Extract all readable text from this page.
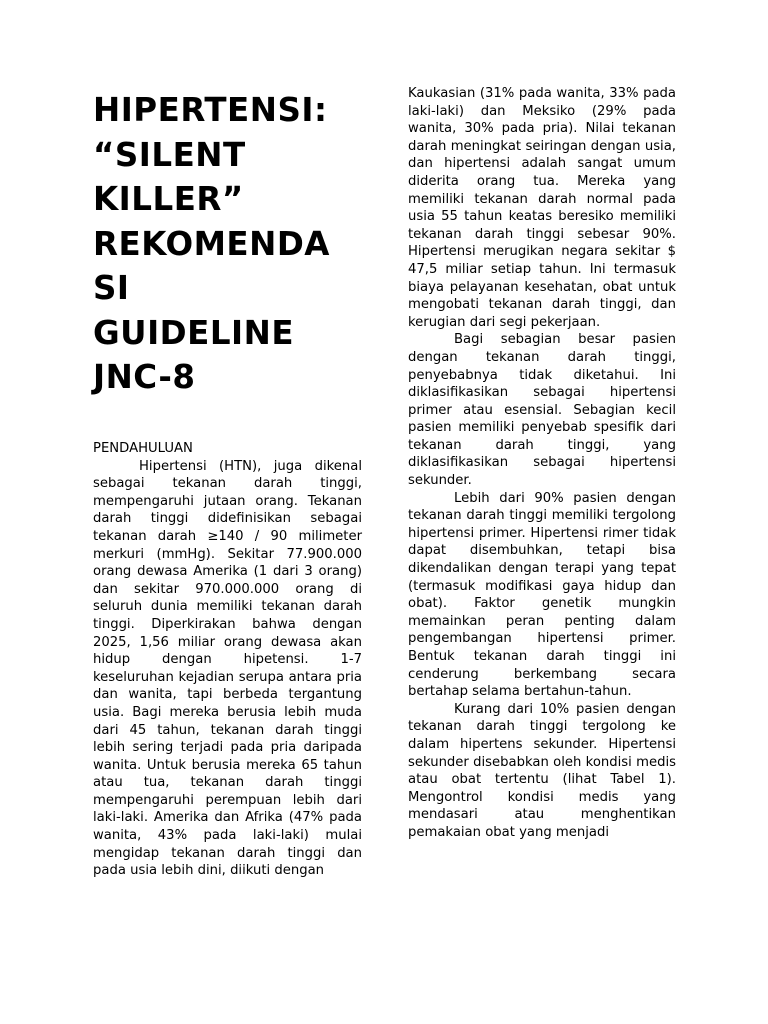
HIPERTENSI:
“SILENT
KILLER”
REKOMENDA
SI
GUIDELINE
JNC-8
PENDAHULUAN

Hipertensi (HTN), juga dikenal sebagai tekanan darah tinggi, mempengaruhi jutaan orang. Tekanan darah tinggi didefinisikan sebagai tekanan darah ≥140 / 90 milimeter merkuri (mmHg). Sekitar 77.900.000 orang dewasa Amerika (1 dari 3 orang) dan sekitar 970.000.000 orang di seluruh dunia memiliki tekanan darah tinggi. Diperkirakan bahwa dengan 2025, 1,56 miliar orang dewasa akan hidup dengan hipetensi. 1-7 keseluruhan kejadian serupa antara pria dan wanita, tapi berbeda tergantung usia. Bagi mereka berusia lebih muda dari 45 tahun, tekanan darah tinggi lebih sering terjadi pada pria daripada wanita. Untuk berusia mereka 65 tahun atau tua, tekanan darah tinggi mempengaruhi perempuan lebih dari laki-laki. Amerika dan Afrika (47% pada wanita, 43% pada laki-laki) mulai mengidap tekanan darah tinggi dan pada usia lebih dini, diikuti dengan

Kaukasian (31% pada wanita, 33% pada laki-laki) dan Meksiko (29% pada wanita, 30% pada pria). Nilai tekanan darah meningkat seiringan dengan usia, dan hipertensi adalah sangat umum diderita orang tua. Mereka yang memiliki tekanan darah normal pada usia 55 tahun keatas beresiko memiliki tekanan darah tinggi sebesar 90%. Hipertensi merugikan negara sekitar $ 47,5 miliar setiap tahun. Ini termasuk biaya pelayanan kesehatan, obat untuk mengobati tekanan darah tinggi, dan kerugian dari segi pekerjaan.

Bagi sebagian besar pasien dengan tekanan darah tinggi, penyebabnya tidak diketahui. Ini diklasifikasikan sebagai hipertensi primer atau esensial. Sebagian kecil pasien memiliki penyebab spesifik dari tekanan darah tinggi, yang diklasifikasikan sebagai hipertensi sekunder.

Lebih dari 90% pasien dengan tekanan darah tinggi memiliki tergolong hipertensi primer. Hipertensi rimer tidak dapat disembuhkan, tetapi bisa dikendalikan dengan terapi yang tepat (termasuk modifikasi gaya hidup dan obat). Faktor genetik mungkin memainkan peran penting dalam pengembangan hipertensi primer. Bentuk tekanan darah tinggi ini cenderung berkembang secara bertahap selama bertahun-tahun.

Kurang dari 10% pasien dengan tekanan darah tinggi tergolong ke dalam hipertens sekunder. Hipertensi sekunder disebabkan oleh kondisi medis atau obat tertentu (lihat Tabel 1). Mengontrol kondisi medis yang mendasari atau menghentikan pemakaian obat yang menjadi
